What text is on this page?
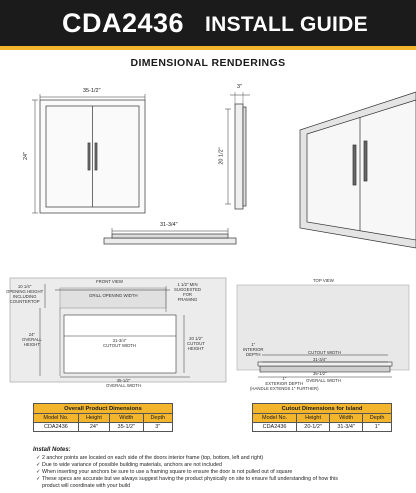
CDA2436 INSTALL GUIDE
DIMENSIONAL RENDERINGS
35-1/2"
24"
3"
20 1/2"
31-3/4"
FRONT VIEW
10 1/4"
OPENING HEIGHT
INCLUDING
COUNTERTOP
GRILL OPENING WIDTH
1 1/2" MIN
SUGGESTED
FOR
FRAMING
24"
OVERALL
HEIGHT
31-3/4"
CUTOUT WIDTH
20 1/2"
CUTOUT
HEIGHT
35-1/2"
OVERALL WIDTH
TOP VIEW
1"
INTERIOR
DEPTH	CUTOUT WIDTH
31-3/4"
35-1/2"
OVERALL WIDTH
1"
EXTERIOR DEPTH
(HANDLE EXTENDS 1" FURTHER)
Overall Product Dimensions			
Model No.	Height	Width	Depth
CDA2436	24"	35-1/2"	3"
Cutout Dimensions for Island			
Model No.	Height	Width	Depth
CDA2436	20-1/2"	31-3/4"	1"
Install Notes:
✓ 2 anchor points are located on each side of the doors interior frame (top, bottom, left and right)
✓ Due to wide variance of possible building materials, anchors are not included
✓ When inserting your anchors be sure to use a framing square to ensure the door is not pulled out of square
✓ These specs are accurate but we always suggest having the product physically on site to ensure full understanding of how this
product will coordinate with your build
